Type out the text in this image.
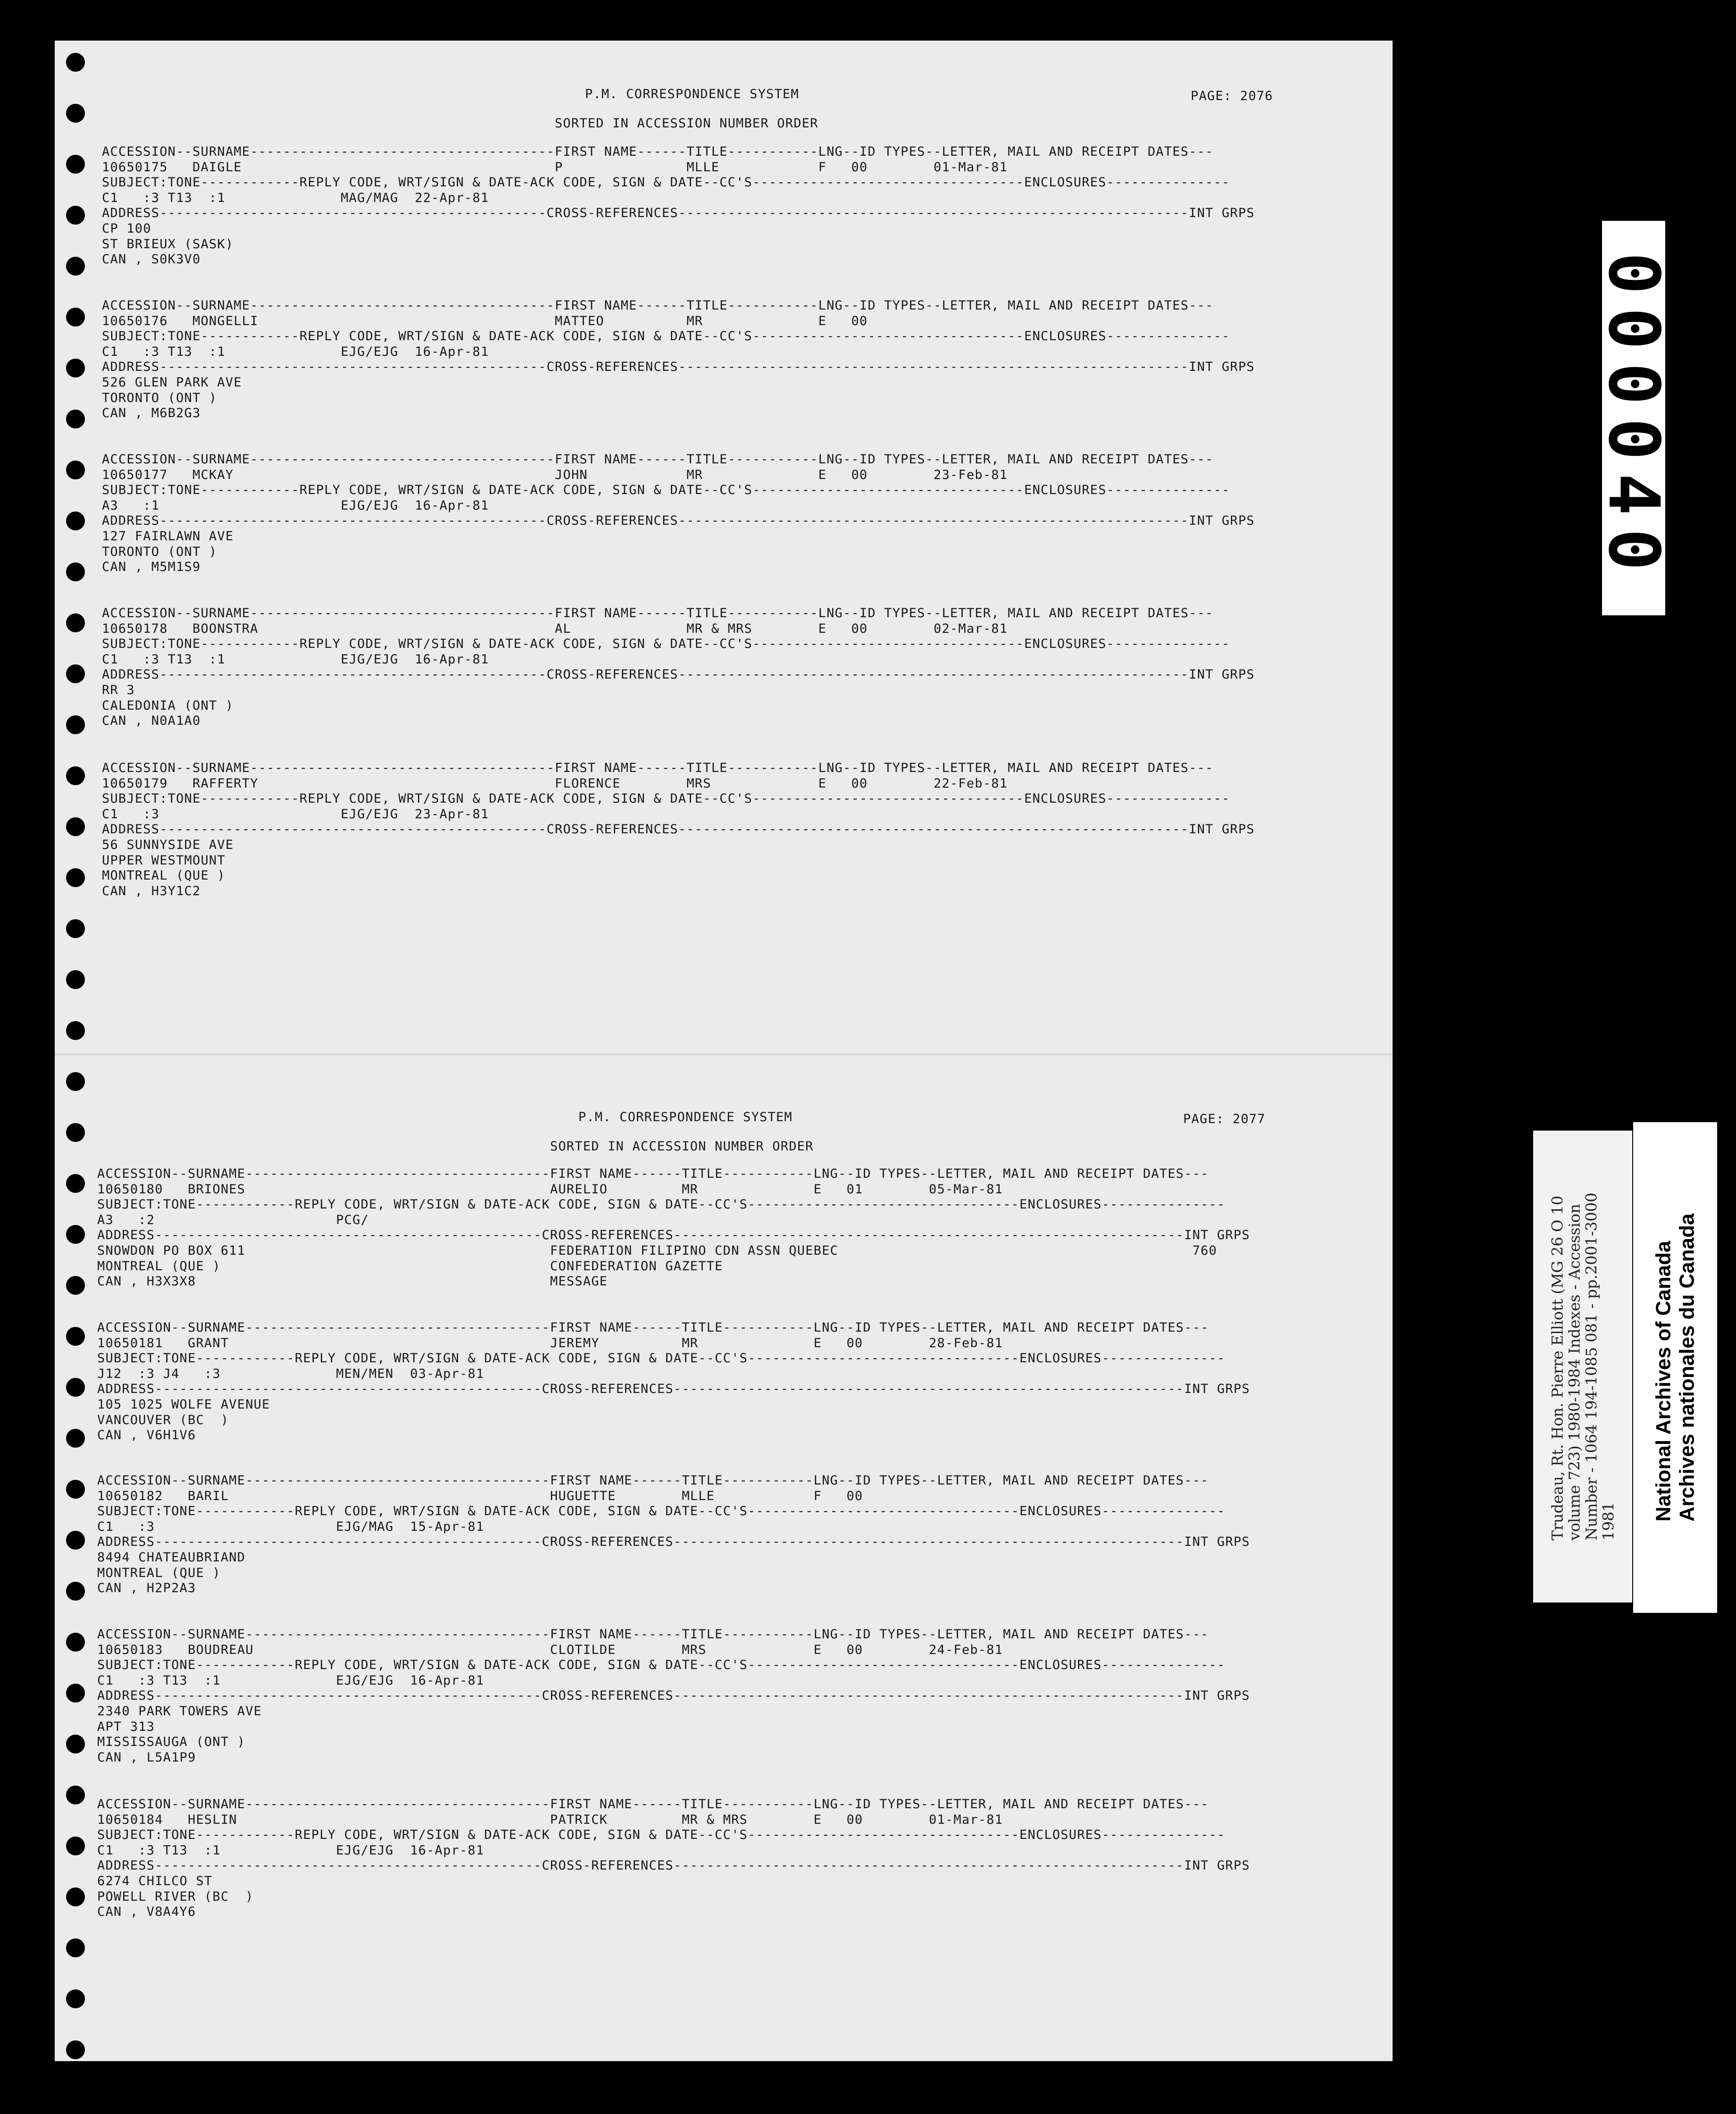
P.M. CORRESPONDENCE SYSTEM	PAGE: 2076
SORTED IN ACCESSION NUMBER ORDER
ACCESSION--SURNAME-------------------------------------FIRST NAME------TITLE-----------LNG--ID TYPES--LETTER, MAIL AND RECEIPT DATES---
10650175   DAIGLE                                      P               MLLE            F   00        01-Mar-81
SUBJECT:TONE------------REPLY CODE, WRT/SIGN & DATE-ACK CODE, SIGN & DATE--CC'S---------------------------------ENCLOSURES---------------
C1   :3 T13  :1              MAG/MAG  22-Apr-81
ADDRESS-----------------------------------------------CROSS-REFERENCES--------------------------------------------------------------INT GRPS
CP 100
ST BRIEUX (SASK)
CAN , S0K3V0
ACCESSION--SURNAME-------------------------------------FIRST NAME------TITLE-----------LNG--ID TYPES--LETTER, MAIL AND RECEIPT DATES---
10650176   MONGELLI                                    MATTEO          MR              E   00
SUBJECT:TONE------------REPLY CODE, WRT/SIGN & DATE-ACK CODE, SIGN & DATE--CC'S---------------------------------ENCLOSURES---------------
C1   :3 T13  :1              EJG/EJG  16-Apr-81
ADDRESS-----------------------------------------------CROSS-REFERENCES--------------------------------------------------------------INT GRPS
526 GLEN PARK AVE
TORONTO (ONT )
CAN , M6B2G3
ACCESSION--SURNAME-------------------------------------FIRST NAME------TITLE-----------LNG--ID TYPES--LETTER, MAIL AND RECEIPT DATES---
10650177   MCKAY                                       JOHN            MR              E   00        23-Feb-81
SUBJECT:TONE------------REPLY CODE, WRT/SIGN & DATE-ACK CODE, SIGN & DATE--CC'S---------------------------------ENCLOSURES---------------
A3   :1                      EJG/EJG  16-Apr-81
ADDRESS-----------------------------------------------CROSS-REFERENCES--------------------------------------------------------------INT GRPS
127 FAIRLAWN AVE
TORONTO (ONT )
CAN , M5M1S9
ACCESSION--SURNAME-------------------------------------FIRST NAME------TITLE-----------LNG--ID TYPES--LETTER, MAIL AND RECEIPT DATES---
10650178   BOONSTRA                                    AL              MR & MRS        E   00        02-Mar-81
SUBJECT:TONE------------REPLY CODE, WRT/SIGN & DATE-ACK CODE, SIGN & DATE--CC'S---------------------------------ENCLOSURES---------------
C1   :3 T13  :1              EJG/EJG  16-Apr-81
ADDRESS-----------------------------------------------CROSS-REFERENCES--------------------------------------------------------------INT GRPS
RR 3
CALEDONIA (ONT )
CAN , N0A1A0
ACCESSION--SURNAME-------------------------------------FIRST NAME------TITLE-----------LNG--ID TYPES--LETTER, MAIL AND RECEIPT DATES---
10650179   RAFFERTY                                    FLORENCE        MRS             E   00        22-Feb-81
SUBJECT:TONE------------REPLY CODE, WRT/SIGN & DATE-ACK CODE, SIGN & DATE--CC'S---------------------------------ENCLOSURES---------------
C1   :3                      EJG/EJG  23-Apr-81
ADDRESS-----------------------------------------------CROSS-REFERENCES--------------------------------------------------------------INT GRPS
56 SUNNYSIDE AVE
UPPER WESTMOUNT
MONTREAL (QUE )
CAN , H3Y1C2
P.M. CORRESPONDENCE SYSTEM	PAGE: 2077
SORTED IN ACCESSION NUMBER ORDER
ACCESSION--SURNAME-------------------------------------FIRST NAME------TITLE-----------LNG--ID TYPES--LETTER, MAIL AND RECEIPT DATES---
10650180   BRIONES                                     AURELIO         MR              E   01        05-Mar-81
SUBJECT:TONE------------REPLY CODE, WRT/SIGN & DATE-ACK CODE, SIGN & DATE--CC'S---------------------------------ENCLOSURES---------------
A3   :2                      PCG/
ADDRESS-----------------------------------------------CROSS-REFERENCES--------------------------------------------------------------INT GRPS
SNOWDON PO BOX 611                                     FEDERATION FILIPINO CDN ASSN QUEBEC                                           760
MONTREAL (QUE )                                        CONFEDERATION GAZETTE
CAN , H3X3X8                                           MESSAGE
ACCESSION--SURNAME-------------------------------------FIRST NAME------TITLE-----------LNG--ID TYPES--LETTER, MAIL AND RECEIPT DATES---
10650181   GRANT                                       JEREMY          MR              E   00        28-Feb-81
SUBJECT:TONE------------REPLY CODE, WRT/SIGN & DATE-ACK CODE, SIGN & DATE--CC'S---------------------------------ENCLOSURES---------------
J12  :3 J4   :3              MEN/MEN  03-Apr-81
ADDRESS-----------------------------------------------CROSS-REFERENCES--------------------------------------------------------------INT GRPS
105 1025 WOLFE AVENUE
VANCOUVER (BC  )
CAN , V6H1V6
ACCESSION--SURNAME-------------------------------------FIRST NAME------TITLE-----------LNG--ID TYPES--LETTER, MAIL AND RECEIPT DATES---
10650182   BARIL                                       HUGUETTE        MLLE            F   00
SUBJECT:TONE------------REPLY CODE, WRT/SIGN & DATE-ACK CODE, SIGN & DATE--CC'S---------------------------------ENCLOSURES---------------
C1   :3                      EJG/MAG  15-Apr-81
ADDRESS-----------------------------------------------CROSS-REFERENCES--------------------------------------------------------------INT GRPS
8494 CHATEAUBRIAND
MONTREAL (QUE )
CAN , H2P2A3
ACCESSION--SURNAME-------------------------------------FIRST NAME------TITLE-----------LNG--ID TYPES--LETTER, MAIL AND RECEIPT DATES---
10650183   BOUDREAU                                    CLOTILDE        MRS             E   00        24-Feb-81
SUBJECT:TONE------------REPLY CODE, WRT/SIGN & DATE-ACK CODE, SIGN & DATE--CC'S---------------------------------ENCLOSURES---------------
C1   :3 T13  :1              EJG/EJG  16-Apr-81
ADDRESS-----------------------------------------------CROSS-REFERENCES--------------------------------------------------------------INT GRPS
2340 PARK TOWERS AVE
APT 313
MISSISSAUGA (ONT )
CAN , L5A1P9
ACCESSION--SURNAME-------------------------------------FIRST NAME------TITLE-----------LNG--ID TYPES--LETTER, MAIL AND RECEIPT DATES---
10650184   HESLIN                                      PATRICK         MR & MRS        E   00        01-Mar-81
SUBJECT:TONE------------REPLY CODE, WRT/SIGN & DATE-ACK CODE, SIGN & DATE--CC'S---------------------------------ENCLOSURES---------------
C1   :3 T13  :1              EJG/EJG  16-Apr-81
ADDRESS-----------------------------------------------CROSS-REFERENCES--------------------------------------------------------------INT GRPS
6274 CHILCO ST
POWELL RIVER (BC  )
CAN , V8A4Y6
000040
Trudeau, Rt. Hon. Pierre Elliott (MG 26 O 10
volume 723) 1980-1984 Indexes - Accession
Number - 1064 194-1085 081 - pp.2001-3000
1981 National Archives of Canada Archives nationales du Canada
